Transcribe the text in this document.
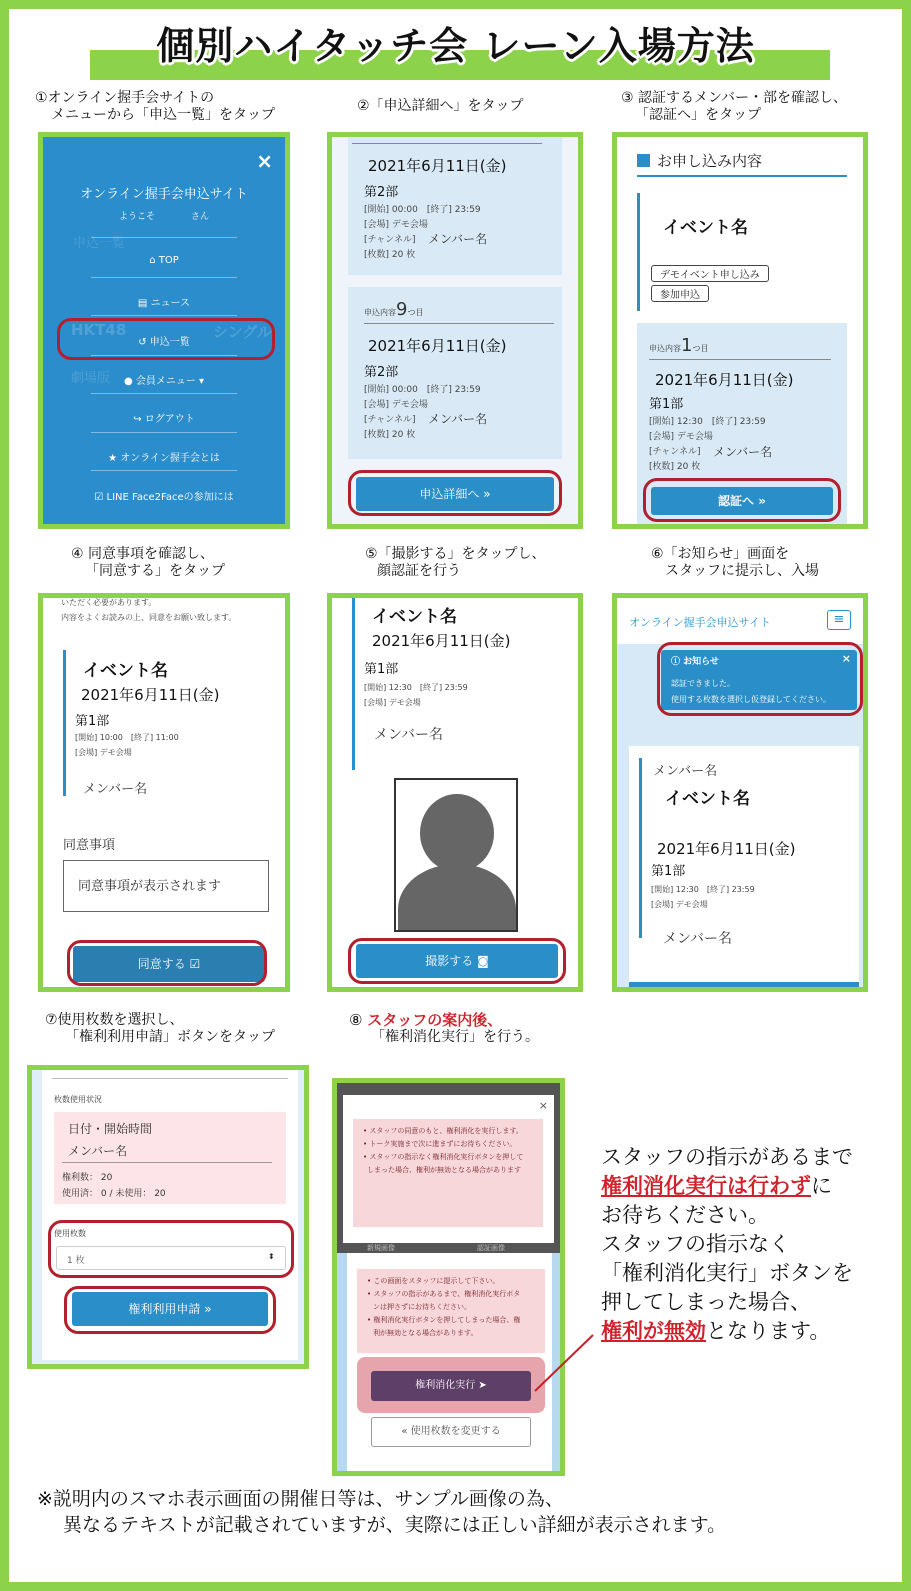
個別ハイタッチ会 レーン入場方法
①オンライン握手会サイトの
メニューから「申込一覧」をタップ
②「申込詳細へ」をタップ	③ 認証するメンバー・部を確認し、
「認証へ」をタップ
申込一覧
HKT48	シングル
劇場版
×
オンライン握手会申込サイト
ようこそ　　　　さん
⌂ TOP
▤ ニュース
↺ 申込一覧
● 会員メニュー ▾
↪ ログアウト
★ オンライン握手会とは
☑ LINE Face2Faceの参加には
2021年6月11日(金)
第2部
[開始] 00:00　[終了] 23:59
[会場] デモ会場
[チャンネル] メンバー名
[枚数] 20 枚
申込内容9つ目
2021年6月11日(金)
第2部
[開始] 00:00　[終了] 23:59
[会場] デモ会場
[チャンネル] メンバー名
[枚数] 20 枚
申込詳細へ »
お申し込み内容
イベント名
デモイベント申し込み
参加申込
申込内容1つ目
2021年6月11日(金)
第1部
[開始] 12:30　[終了] 23:59
[会場] デモ会場
[チャンネル] メンバー名
[枚数] 20 枚
認証へ »
④ 同意事項を確認し、
「同意する」をタップ
⑤「撮影する」をタップし、
顔認証を行う
⑥「お知らせ」画面を
スタッフに提示し、入場
いただく必要があります。
内容をよくお読みの上、同意をお願い致します。
イベント名
2021年6月11日(金)
第1部
[開始] 10:00　[終了] 11:00
[会場] デモ会場
メンバー名
同意事項
同意事項が表示されます
同意する ☑
イベント名
2021年6月11日(金)
第1部
[開始] 12:30　[終了] 23:59
[会場] デモ会場
メンバー名
撮影する ◙
オンライン握手会申込サイト	≡
ⓘ お知らせ	×
認証できました。
使用する枚数を選択し仮登録してください。
メンバー名
イベント名
2021年6月11日(金)
第1部
[開始] 12:30　[終了] 23:59
[会場] デモ会場
メンバー名
⑦使用枚数を選択し、
「権利利用申請」ボタンをタップ
⑧ スタッフの案内後、
「権利消化実行」を行う。
枚数使用状況
日付・開始時間
メンバー名
権利数： 20
使用済： 0 / 未使用： 20
使用枚数
1 枚	⬍
権利利用申請 »
×
• スタッフの同意のもと、権利消化を実行します。
• トーク実施まで次に進まずにお待ちください。
• スタッフの指示なく権利消化実行ボタンを押して
しまった場合、権利が無効となる場合があります
新規画像	認証画像
• この画面をスタッフに提示して下さい。
• スタッフの指示があるまで、権利消化実行ボタ
ンは押さずにお待ちください。
• 権利消化実行ボタンを押してしまった場合、権
利が無効となる場合があります。
権利消化実行 ➤
« 使用枚数を変更する
スタッフの指示があるまで
権利消化実行は行わずに
お待ちください。
スタッフの指示なく
「権利消化実行」ボタンを
押してしまった場合、
権利が無効となります。
※説明内のスマホ表示画面の開催日等は、サンプル画像の為、
異なるテキストが記載されていますが、実際には正しい詳細が表示されます。
